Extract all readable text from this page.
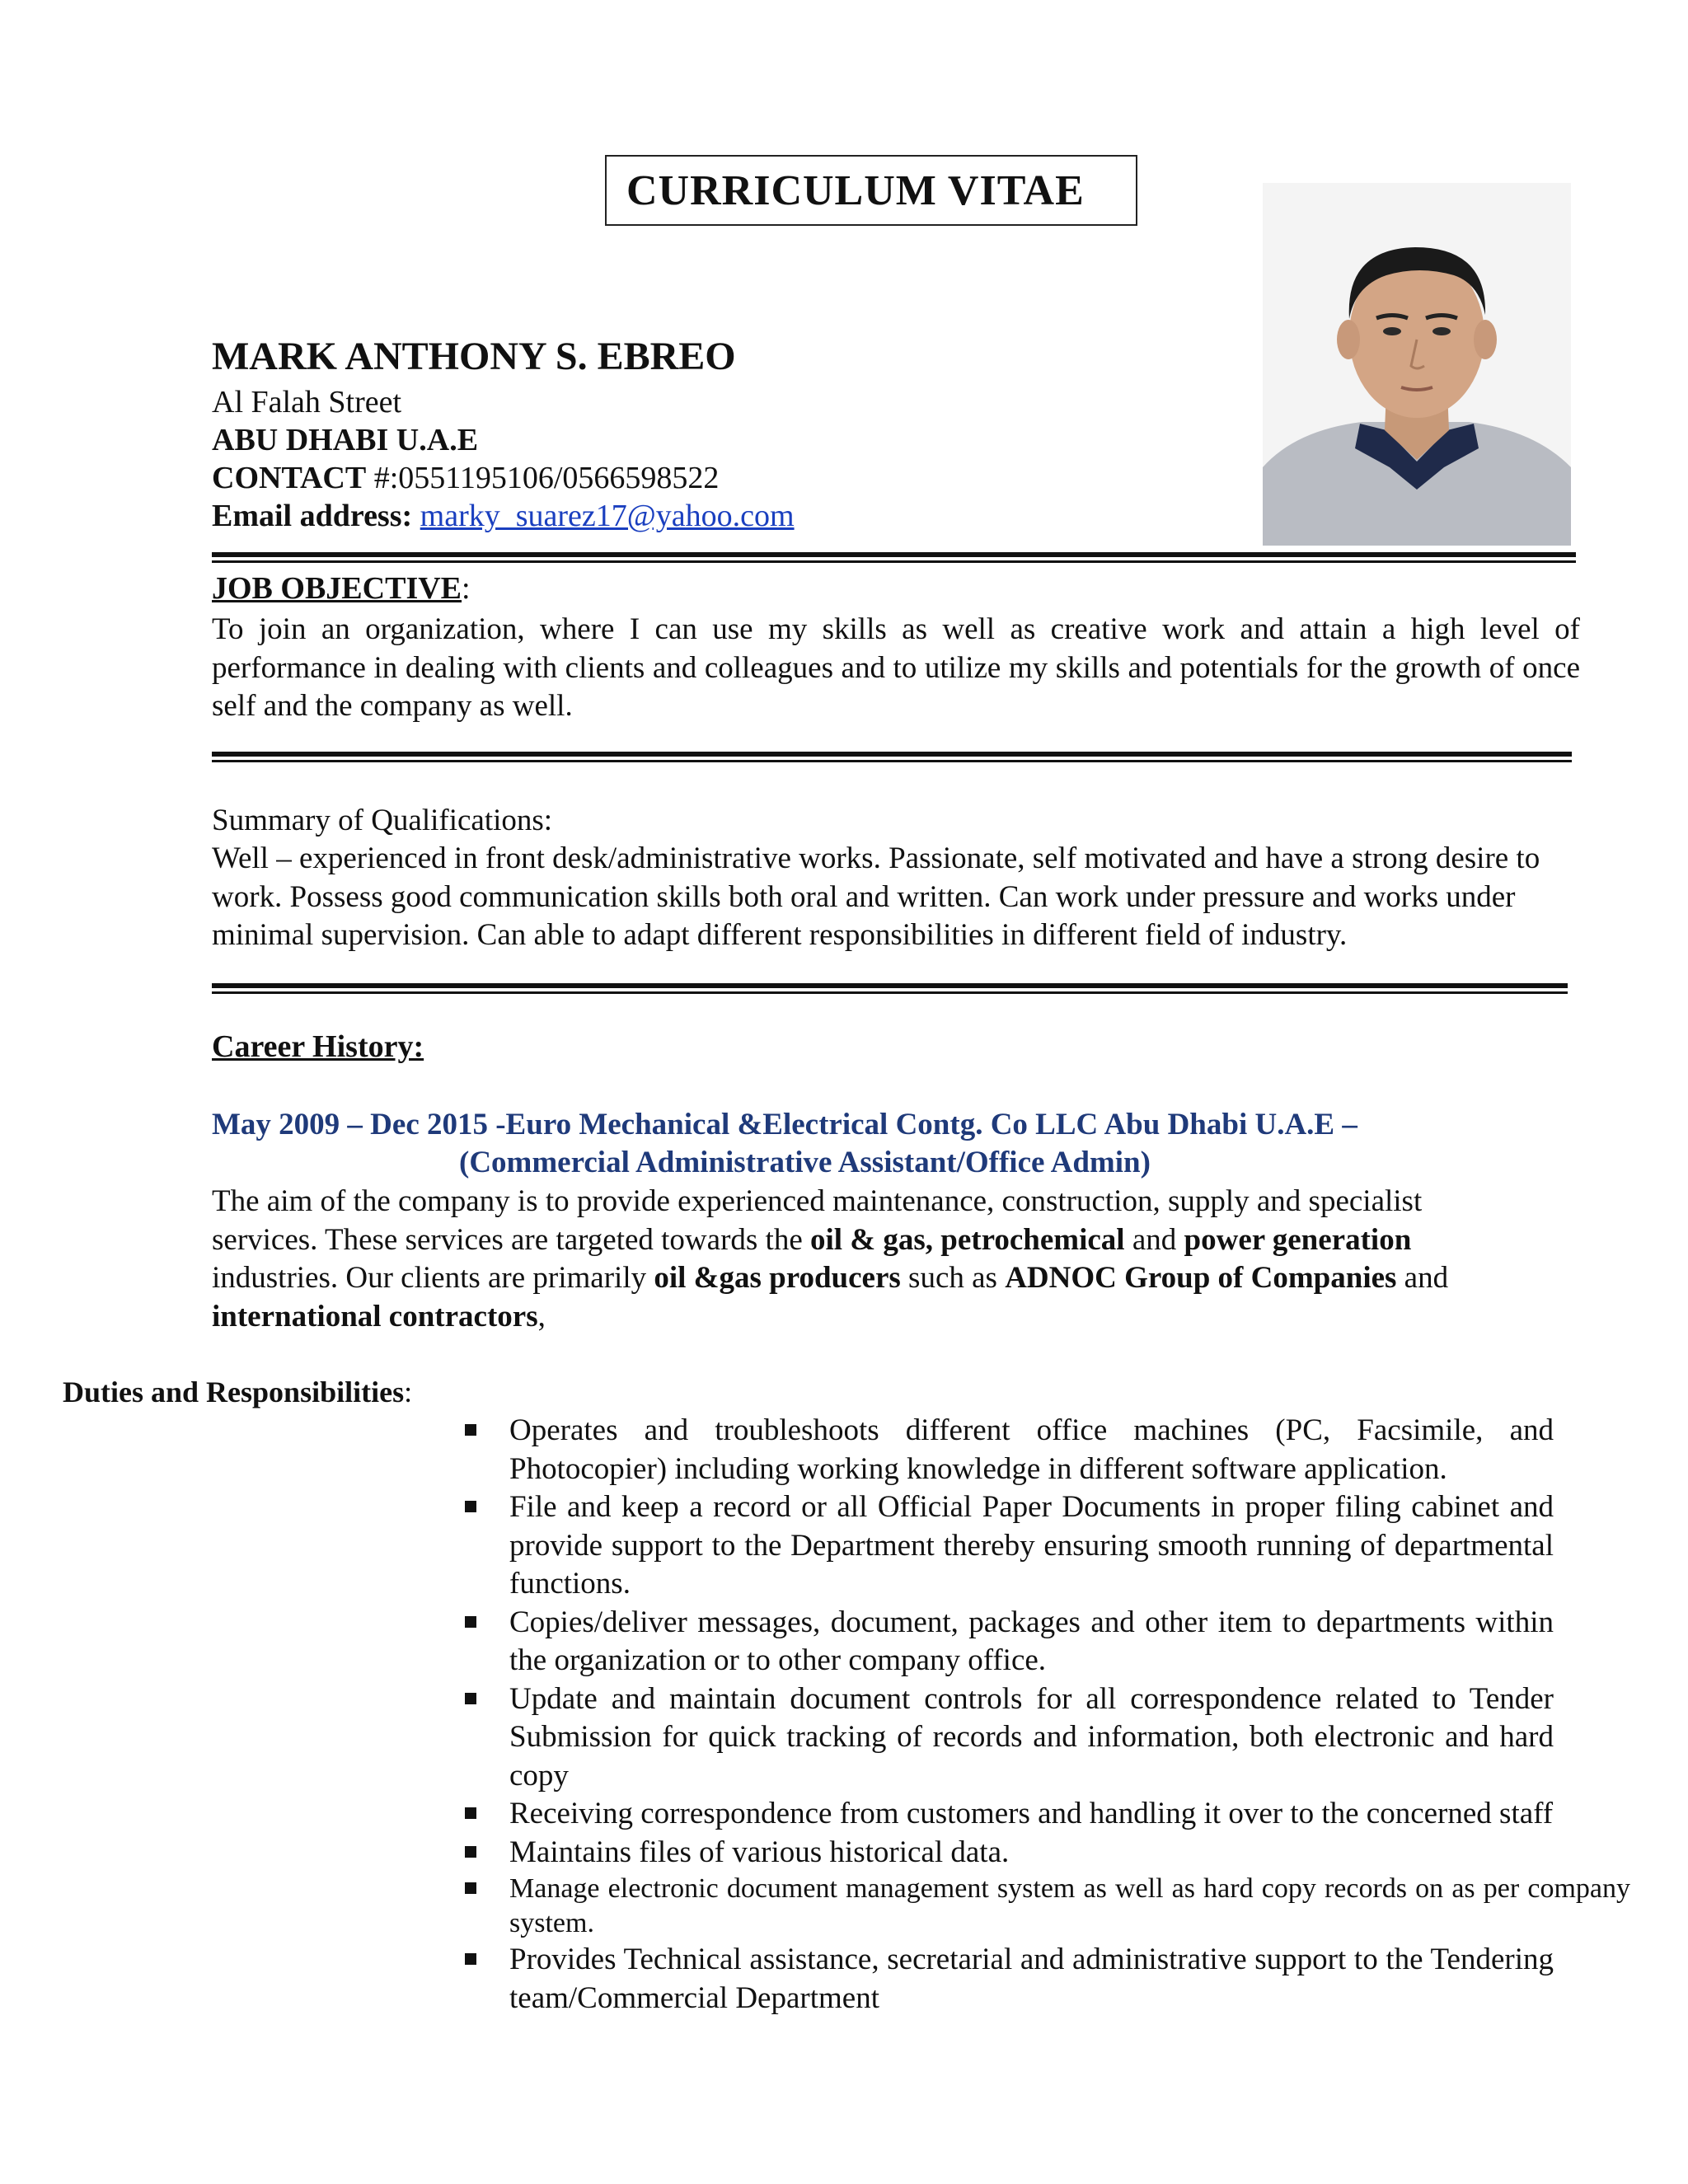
CURRICULUM VITAE
MARK ANTHONY S. EBREO
Al Falah Street
ABU DHABI U.A.E
CONTACT #:0551195106/0566598522
Email address: marky_suarez17@yahoo.com
JOB OBJECTIVE:
To join an organization, where I can use my skills as well as creative work and attain a high level of performance in dealing with clients and colleagues and to utilize my skills and potentials for the growth of once self and the company as well.
Summary of Qualifications:
Well – experienced in front desk/administrative works. Passionate, self motivated and have a strong desire to work. Possess good communication skills both oral and written. Can work under pressure and works under minimal supervision. Can able to adapt different responsibilities in different field of industry.
Career History:
May 2009 – Dec 2015 -Euro Mechanical &Electrical Contg. Co LLC Abu Dhabi U.A.E –
(Commercial Administrative Assistant/Office Admin)
The aim of the company is to provide experienced maintenance, construction, supply and specialist services. These services are targeted towards the oil & gas, petrochemical and power generation industries. Our clients are primarily oil &gas producers such as ADNOC Group of Companies and international contractors,
Duties and Responsibilities:
Operates and troubleshoots different office machines (PC, Facsimile, and Photocopier) including working knowledge in different software application.
File and keep a record or all Official Paper Documents in proper filing cabinet and provide support to the Department thereby ensuring smooth running of departmental functions.
Copies/deliver messages, document, packages and other item to departments within the organization or to other company office.
Update and maintain document controls for all correspondence related to Tender Submission for quick tracking of records and information, both electronic and hard copy
Receiving correspondence from customers and handling it over to the concerned staff
Maintains files of various historical data.
Manage electronic document management system as well as hard copy records on as per company system.
Provides Technical assistance, secretarial and administrative support to the Tendering team/Commercial Department
